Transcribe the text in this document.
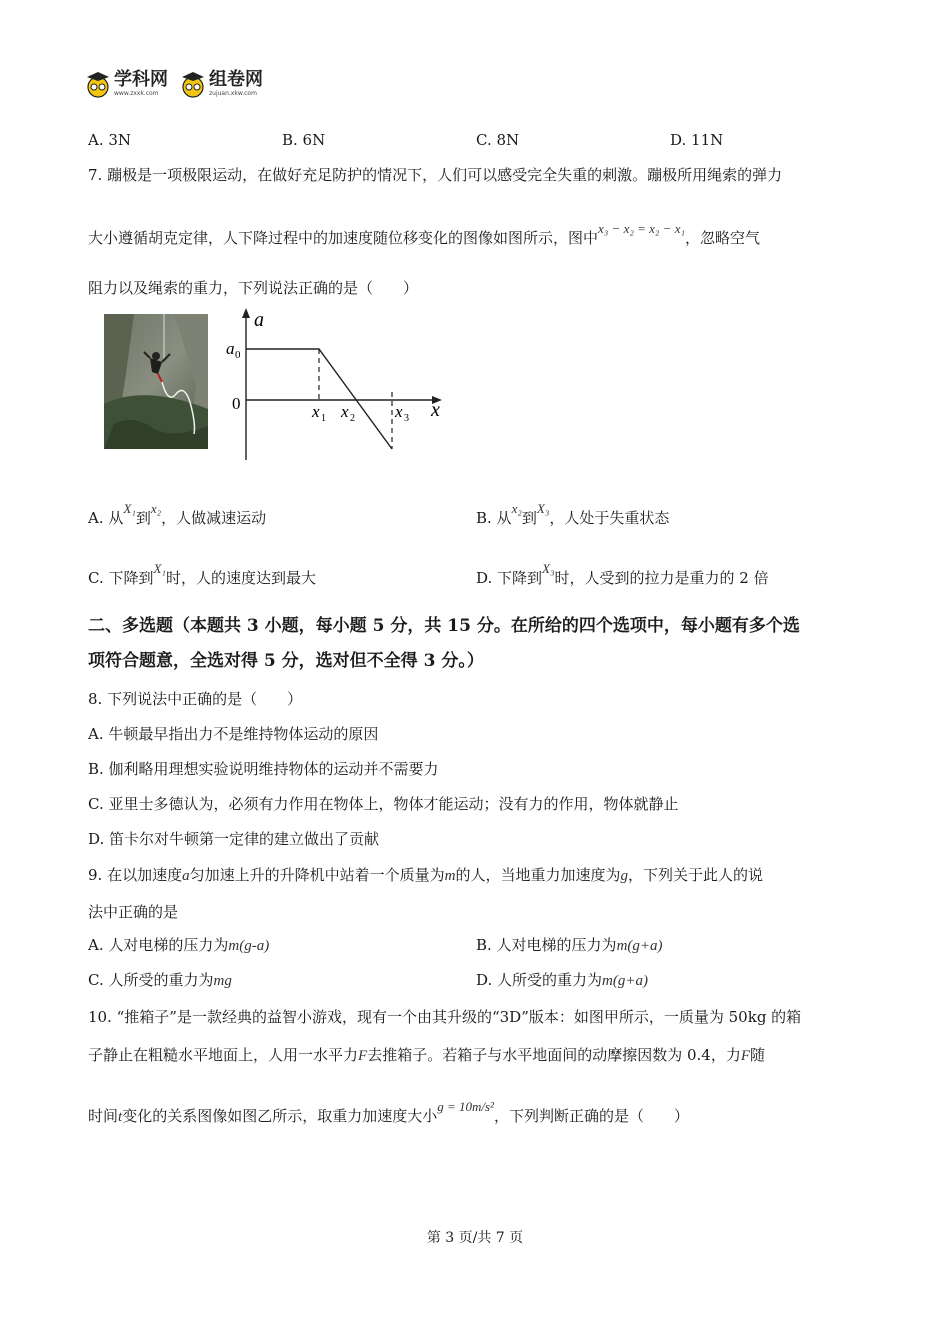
学科网
www.zxxk.com
组卷网
zujuan.xkw.com
A. 3N	B. 6N	C. 8N	D. 11N
7. 蹦极是一项极限运动，在做好充足防护的情况下，人们可以感受完全失重的刺激。蹦极所用绳索的弹力
大小遵循胡克定律，人下降过程中的加速度随位移变化的图像如图所示，图中x₃ − x₂ = x₂ − x₁，忽略空气
阻力以及绳索的重力，下列说法正确的是（　　）
a
a 0
0	x
x 1 x 2 x 3
A. 从X₁到x₂，人做减速运动	B. 从x₂到X₃，人处于失重状态
C. 下降到X₁时，人的速度达到最大	D. 下降到X₃时，人受到的拉力是重力的 2 倍
二、多选题（本题共 3 小题，每小题 5 分，共 15 分。在所给的四个选项中，每小题有多个选
项符合题意，全选对得 5 分，选对但不全得 3 分。）
8. 下列说法中正确的是（　　）
A. 牛顿最早指出力不是维持物体运动的原因
B. 伽利略用理想实验说明维持物体的运动并不需要力
C. 亚里士多德认为，必须有力作用在物体上，物体才能运动；没有力的作用，物体就静止
D. 笛卡尔对牛顿第一定律的建立做出了贡献
9. 在以加速度a匀加速上升的升降机中站着一个质量为m的人，当地重力加速度为g，下列关于此人的说
法中正确的是
A. 人对电梯的压力为m(g-a)	B. 人对电梯的压力为m(g+a)
C. 人所受的重力为mg	D. 人所受的重力为m(g+a)
10. “推箱子”是一款经典的益智小游戏，现有一个由其升级的“3D”版本：如图甲所示，一质量为 50kg 的箱
子静止在粗糙水平地面上，人用一水平力F去推箱子。若箱子与水平地面间的动摩擦因数为 0.4，力F随
时间t变化的关系图像如图乙所示，取重力加速度大小g = 10m/s²，下列判断正确的是（　　）
第 3 页/共 7 页
